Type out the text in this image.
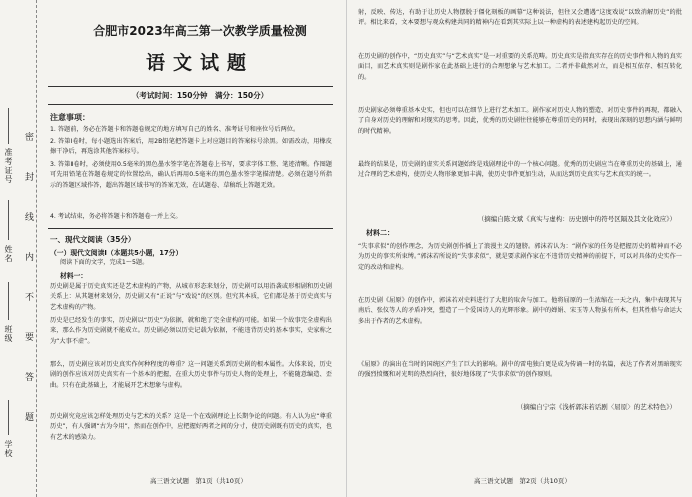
学校
班级
姓名
准考证号
密
封
线
内
不
要
答
题
合肥市2023年高三第一次教学质量检测
语文试题
（考试时间：150分钟　满分：150分）
注意事项：
1. 答题前，务必在答题卡和答题卷规定的地方填写自己的姓名、准考证号和座位号后两位。
2. 答第Ⅰ卷时，每小题选出答案后，用2B铅笔把答题卡上对应题目的答案标号涂黑。如需改动，用橡皮擦干净后，再选涂其他答案标号。
3. 答第Ⅱ卷时，必须使用0.5毫米的黑色墨水签字笔在答题卷上书写，要求字体工整、笔迹清晰。作图题可先用铅笔在答题卷规定的位置绘出，确认后再用0.5毫米的黑色墨水签字笔描清楚。必须在题号所指示的答题区域作答，超出答题区域书写的答案无效，在试题卷、草稿纸上答题无效。
4. 考试结束，务必将答题卡和答题卷一并上交。
一、现代文阅读（35分）
（一）现代文阅读Ⅰ（本题共5小题，17分）
阅读下面的文字，完成1～5题。
材料一：
历史剧是属于历史真实还是艺术虚构的产物，从城市形态来划分，历史剧可以用沿袭或形相剧和历史剧关系上：从其题材来划分，历史剧又有“正说”与“戏说”的区别。但究其本质，它们都是基于历史真实与艺术虚构的产物。
历史是已经发生的事实，历史剧以“历史”为依据，就和绝了完全虚构的可能。如果一个故事完全虚构出来，那么作为历史剧就不能成立。历史剧必须以历史记载为依据，不能违背历史的基本事实，史家称之为“大事不虚”。
那么，历史剧应该对历史真实作何种程度的尊重？这一问题关系到历史剧的根本属性。大体来说，历史剧的创作应该对历史真实有一个基本的把握，在重大历史事件与历史人物的处理上，不能随意编造、歪曲。只有在此基础上，才能展开艺术想象与虚构。
历史剧究竟应该怎样处理历史与艺术的关系？这是一个在戏剧理论上长期争论的问题。有人认为应“尊重历史”，有人强调“古为今用”，然而在创作中，应把握好两者之间的分寸，使历史剧既有历史的真实，也有艺术的感染力。
高三语文试题　第1页（共10页）
射，反映、传达，有助于让历史人物摆脱于僵化刻板的画幕“这种说法，但往又会遭遇“这度戏说”以致消解历史”的批评。相比来看，文本要想与观众构建共同的精神内在看到其实际上以一种虚构的表述建构起历史的空间。
在历史剧的创作中，“历史真实”与“艺术真实”是一对重要的关系范畴。历史真实是指真实存在的历史事件和人物的真实面目，而艺术真实则是剧作家在此基础上进行的合理想象与艺术加工。二者并非截然对立，而是相互依存、相互转化的。
历史剧家必须尊重基本史实，但也可以在细节上进行艺术加工。剧作家对历史人物的塑造、对历史事件的再现，都融入了自身对历史的理解和对现实的思考。因此，优秀的历史剧往往能够在尊重历史的同时，表现出深刻的思想内涵与鲜明的时代精神。
最终的结果是，历史剧的虚实关系问题始终是戏剧理论中的一个核心问题。优秀的历史剧应当在尊重历史的基础上，通过合理的艺术虚构，使历史人物形象更加丰满，使历史事件更加生动，从而达到历史真实与艺术真实的统一。
（摘编自陈文斌《真实与虚构：历史剧中的符号区隔及其文化效应》）
材料二：
“失事求似”的创作理念，为历史剧创作插上了浪漫主义的翅膀。郭沫若认为：“剧作家的任务是把握历史的精神而不必为历史的事实所束缚。”郭沫若所说的“失事求似”，就是要求剧作家在不违背历史精神的前提下，可以对具体的史实作一定的改动和虚构。
在历史剧《屈原》的创作中，郭沫若对史料进行了大胆的取舍与加工。他将屈原的一生浓缩在一天之内，集中表现其与南后、张仪等人的矛盾冲突，塑造了一个爱国诗人的光辉形象。剧中的婵娟、宋玉等人物虽有所本，但其性格与命运大多出于作者的艺术虚构。
《屈原》的演出在当时的国统区产生了巨大的影响。剧中的雷电独白更是成为传诵一时的名篇，表达了作者对黑暗现实的强烈愤慨和对光明的热烈向往，很好地体现了“失事求似”的创作原则。
（摘编自宁宗《浅析郭沫若话剧〈屈原〉的艺术特色》）
高三语文试题　第2页（共10页）
